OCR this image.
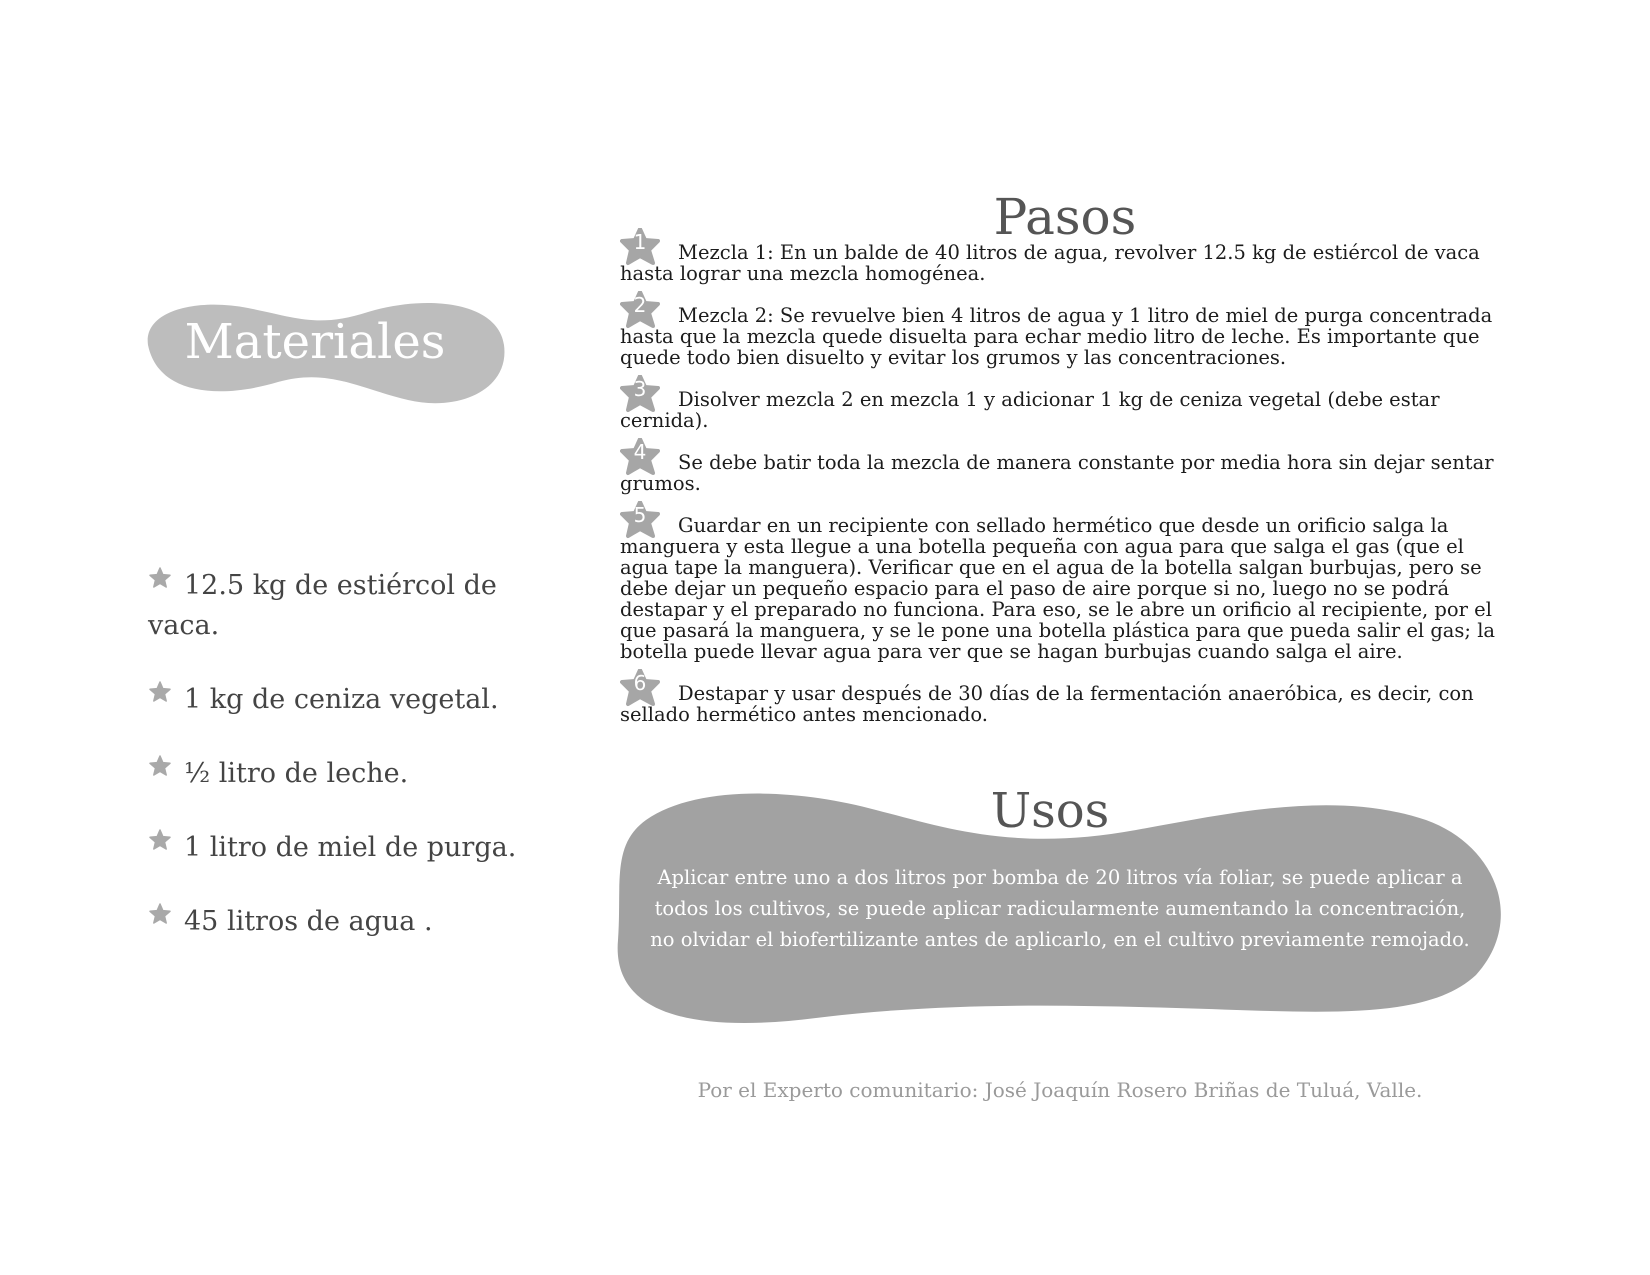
Materiales
12.5 kg de estiércol de vaca.
1 kg de ceniza vegetal.
½ litro de leche.
1 litro de miel de purga.
45 litros de agua .
Pasos
1	Mezcla 1: En un balde de 40 litros de agua, revolver 12.5 kg de estiércol de vaca hasta lograr una mezcla homogénea.

2	Mezcla 2: Se revuelve bien 4 litros de agua y 1 litro de miel de purga concentrada hasta que la mezcla quede disuelta para echar medio litro de leche. Es importante que quede todo bien disuelto y evitar los grumos y las concentraciones.

3	Disolver mezcla 2 en mezcla 1 y adicionar 1 kg de ceniza vegetal (debe estar cernida).

4	Se debe batir toda la mezcla de manera constante por media hora sin dejar sentar grumos.

5	Guardar en un recipiente con sellado hermético que desde un orificio salga la manguera y esta llegue a una botella pequeña con agua para que salga el gas (que el agua tape la manguera). Verificar que en el agua de la botella salgan burbujas, pero se debe dejar un pequeño espacio para el paso de aire porque si no, luego no se podrá destapar y el preparado no funciona. Para eso, se le abre un orificio al recipiente, por el que pasará la manguera, y se le pone una botella plástica para que pueda salir el gas; la botella puede llevar agua para ver que se hagan burbujas cuando salga el aire.

6	Destapar y usar después de 30 días de la fermentación anaeróbica, es decir, con sellado hermético antes mencionado.

Usos
Aplicar entre uno a dos litros por bomba de 20 litros vía foliar, se puede aplicar a todos los cultivos, se puede aplicar radicularmente aumentando la concentración, no olvidar el biofertilizante antes de aplicarlo, en el cultivo previamente remojado.
Por el Experto comunitario: José Joaquín Rosero Briñas de Tuluá, Valle.
